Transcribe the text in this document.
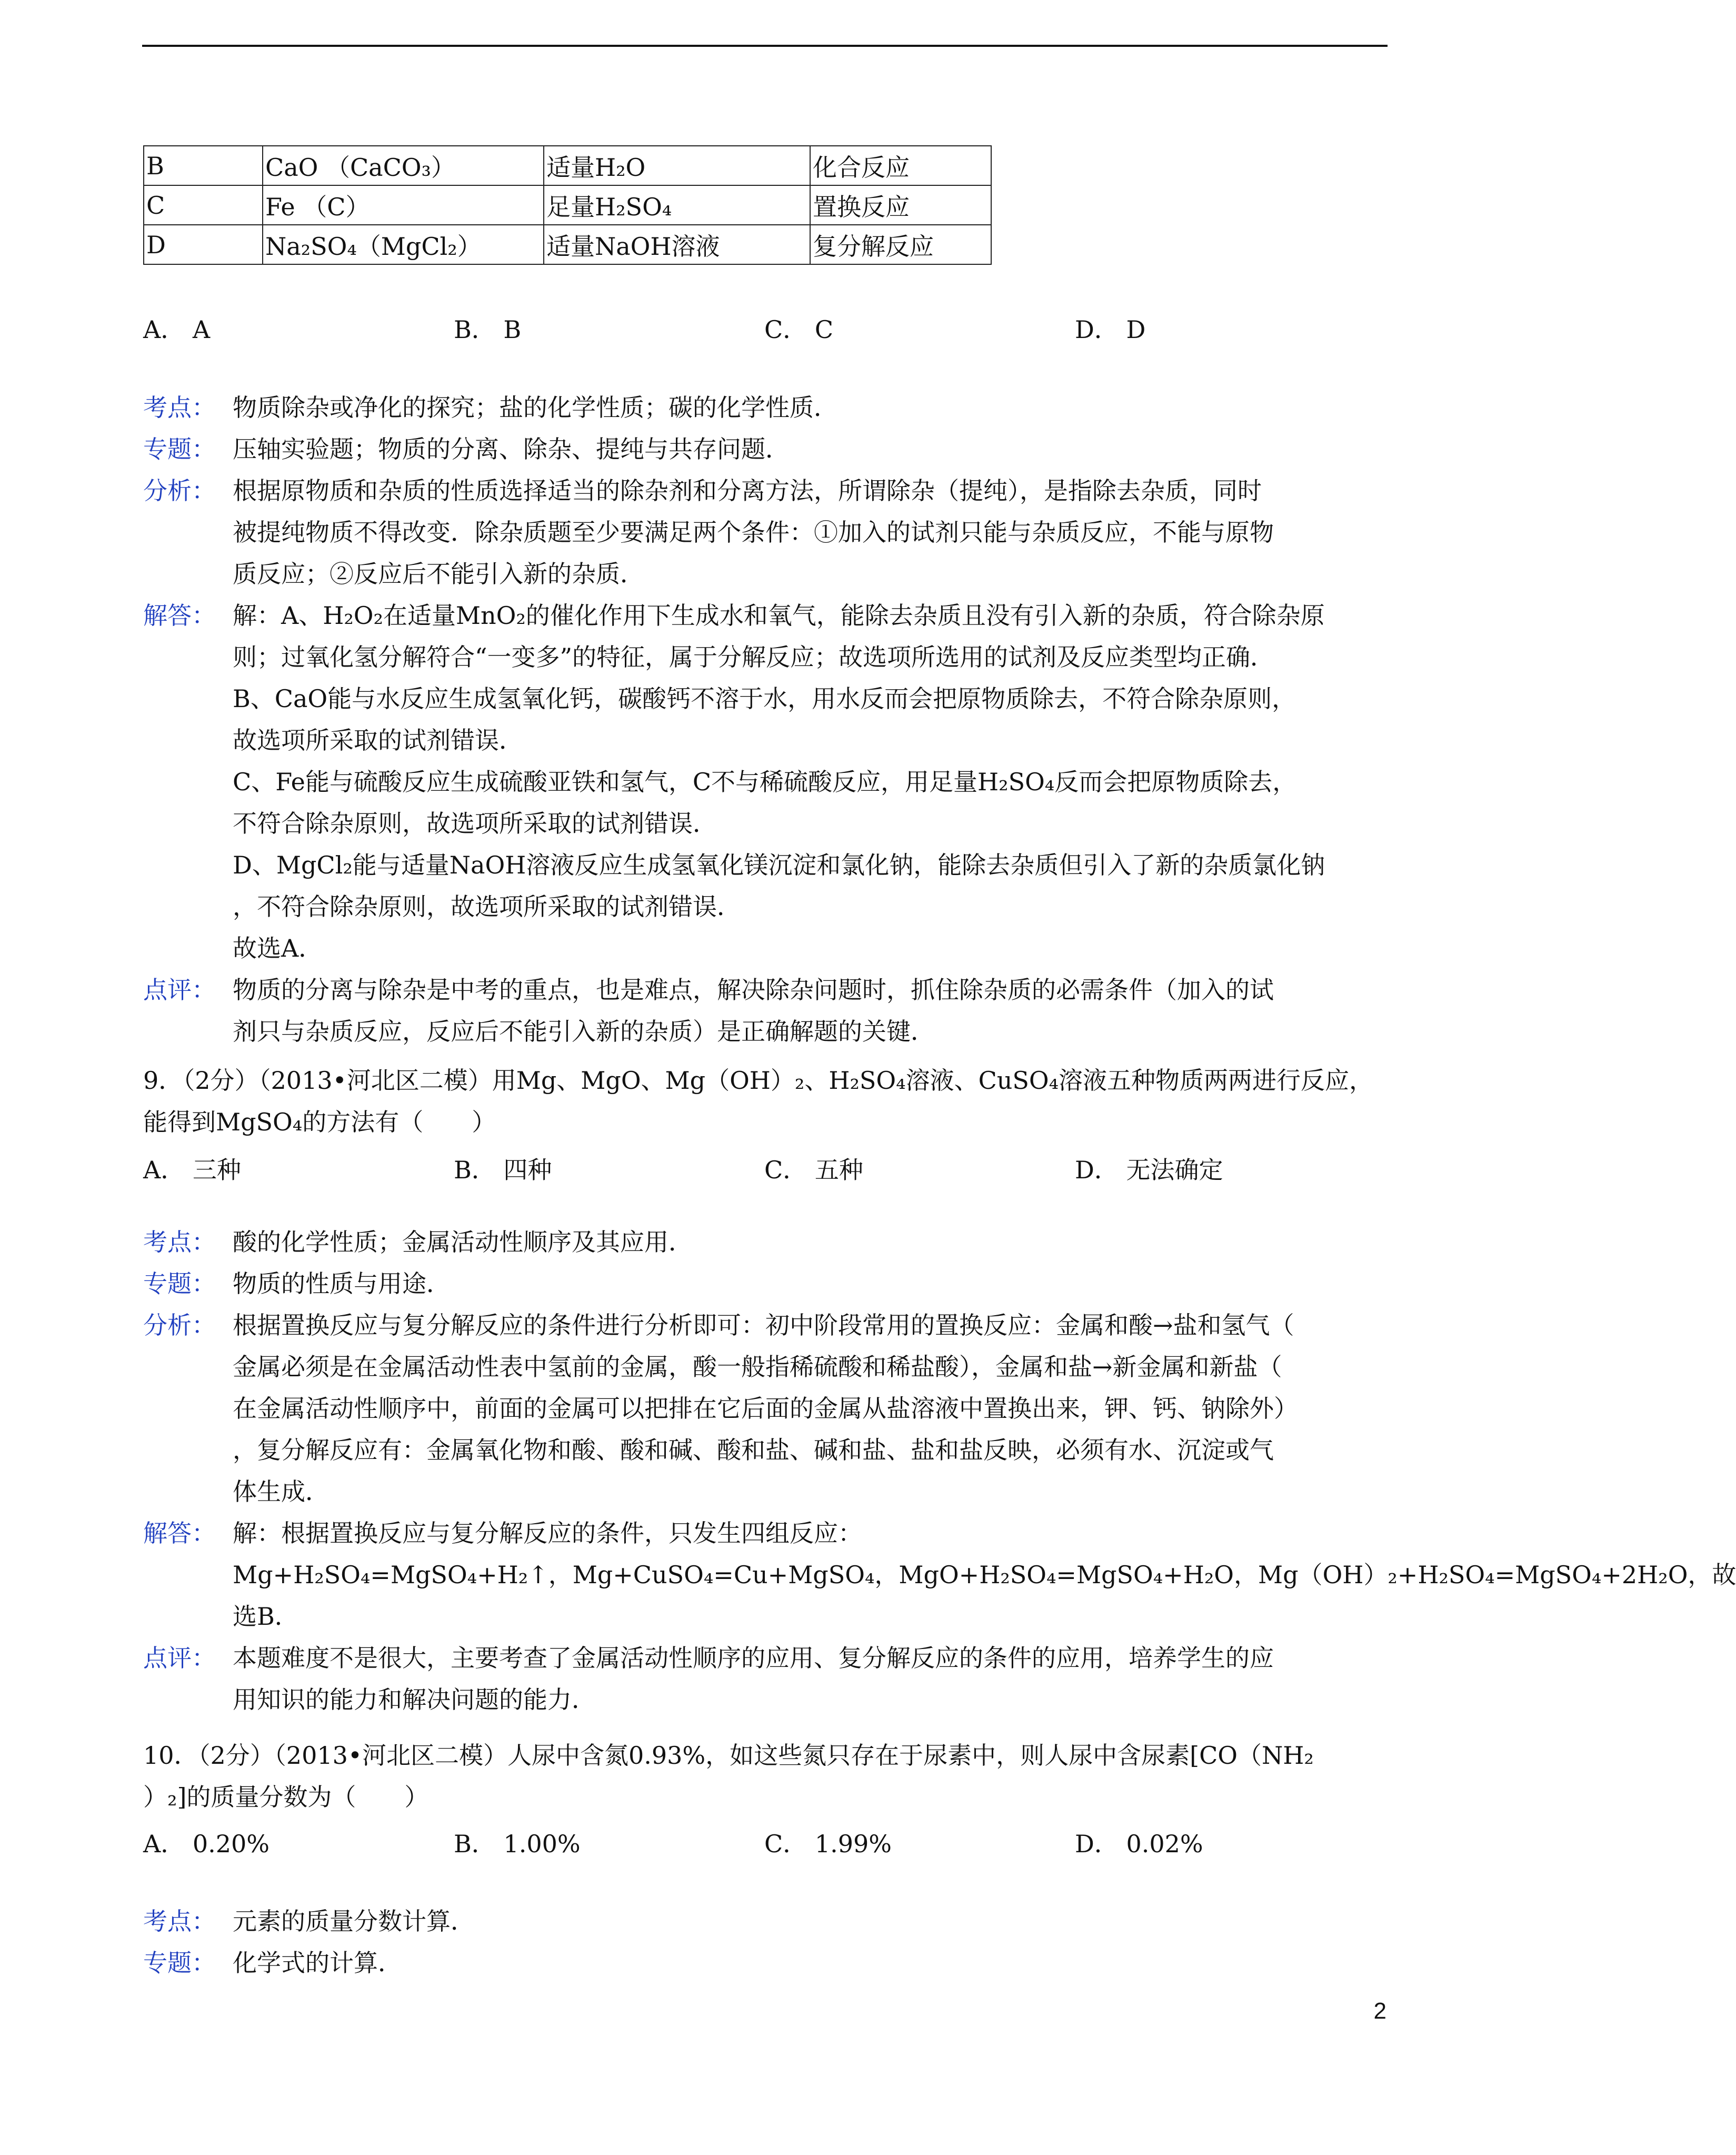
B	CaO （CaCO₃）	适量H₂O	化合反应
C	Fe （C）	足量H₂SO₄	置换反应
D	Na₂SO₄（MgCl₂）	适量NaOH溶液	复分解反应
A． A	B． B	C． C	D． D
考点： 物质除杂或净化的探究；盐的化学性质；碳的化学性质．
专题： 压轴实验题；物质的分离、除杂、提纯与共存问题．
分析： 根据原物质和杂质的性质选择适当的除杂剂和分离方法，所谓除杂（提纯），是指除去杂质，同时
被提纯物质不得改变．除杂质题至少要满足两个条件：①加入的试剂只能与杂质反应，不能与原物
质反应；②反应后不能引入新的杂质．
解答： 解：A、H₂O₂在适量MnO₂的催化作用下生成水和氧气，能除去杂质且没有引入新的杂质，符合除杂原
则；过氧化氢分解符合“一变多”的特征，属于分解反应；故选项所选用的试剂及反应类型均正确．
B、CaO能与水反应生成氢氧化钙，碳酸钙不溶于水，用水反而会把原物质除去，不符合除杂原则，
故选项所采取的试剂错误．
C、Fe能与硫酸反应生成硫酸亚铁和氢气，C不与稀硫酸反应，用足量H₂SO₄反而会把原物质除去，
不符合除杂原则，故选项所采取的试剂错误．
D、MgCl₂能与适量NaOH溶液反应生成氢氧化镁沉淀和氯化钠，能除去杂质但引入了新的杂质氯化钠
，不符合除杂原则，故选项所采取的试剂错误．
故选A．
点评： 物质的分离与除杂是中考的重点，也是难点，解决除杂问题时，抓住除杂质的必需条件（加入的试
剂只与杂质反应，反应后不能引入新的杂质）是正确解题的关键．
9．（2分）（2013•河北区二模）用Mg、MgO、Mg（OH）₂、H₂SO₄溶液、CuSO₄溶液五种物质两两进行反应，
能得到MgSO₄的方法有（　　）
A． 三种	B． 四种	C． 五种	D． 无法确定
考点： 酸的化学性质；金属活动性顺序及其应用．
专题： 物质的性质与用途．
分析： 根据置换反应与复分解反应的条件进行分析即可：初中阶段常用的置换反应：金属和酸→盐和氢气（
金属必须是在金属活动性表中氢前的金属，酸一般指稀硫酸和稀盐酸），金属和盐→新金属和新盐（
在金属活动性顺序中，前面的金属可以把排在它后面的金属从盐溶液中置换出来，钾、钙、钠除外）
，复分解反应有：金属氧化物和酸、酸和碱、酸和盐、碱和盐、盐和盐反映，必须有水、沉淀或气
体生成．
解答： 解：根据置换反应与复分解反应的条件，只发生四组反应：
Mg+H₂SO₄=MgSO₄+H₂↑，Mg+CuSO₄=Cu+MgSO₄，MgO+H₂SO₄=MgSO₄+H₂O，Mg（OH）₂+H₂SO₄=MgSO₄+2H₂O，故
选B．
点评： 本题难度不是很大，主要考查了金属活动性顺序的应用、复分解反应的条件的应用，培养学生的应
用知识的能力和解决问题的能力．
10．（2分）（2013•河北区二模）人尿中含氮0.93%，如这些氮只存在于尿素中，则人尿中含尿素[CO（NH₂
）₂]的质量分数为（　　）
A． 0.20%	B． 1.00%	C． 1.99%	D． 0.02%
考点： 元素的质量分数计算．
专题： 化学式的计算．
2
